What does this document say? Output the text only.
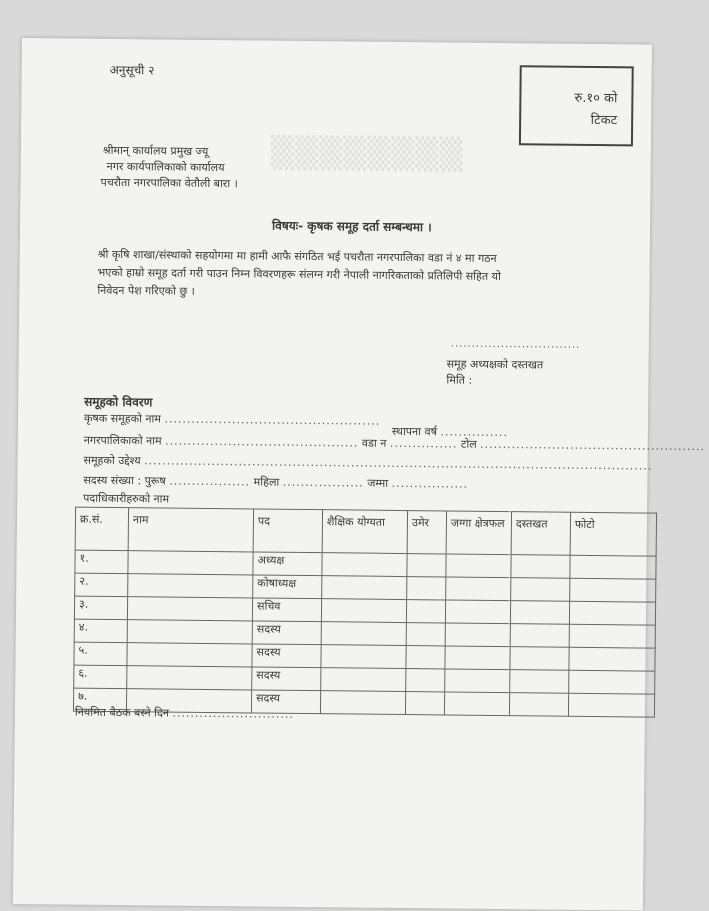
▒▒▒▒▒▒▒▒
अनुसूची २
रु.१० को
टिकट
श्रीमान् कार्यालय प्रमुख ज्यू
नगर कार्यपालिकाको कार्यालय
पचरौता नगरपालिका वेतौली बारा ।
विषयः- कृषक समूह दर्ता सम्बन्धमा ।
श्री कृषि शाखा/संस्थाको सहयोगमा मा हामी आफै संगठित भई पचरौता नगरपालिका वडा नं ४ मा गठन
भएको हाम्रो समूह दर्ता गरी पाउन निम्न विवरणहरू संलग्न गरी नेपाली नागरिकताको प्रतिलिपी सहित यो
निवेदन पेश गरिएको छु ।
...............................
समूह अध्यक्षको दस्तखत
मिति :
समूहको विवरण
कृषक समूहको नाम ................................................
स्थापना वर्ष ...............
नगरपालिकाको नाम ........................................... वडा न ............... टोल ..................................................
समूहको उद्देश्य .................................................................................................................
सदस्य संख्या : पुरूष .................. महिला .................. जम्मा .................
पदाधिकारीहरुको नाम
क्र.सं.	नाम	पद	शैक्षिक योग्यता	उमेर	जग्गा क्षेत्रफल	दस्तखत	फोटो
१.		अध्यक्ष					
२.		कोषाध्यक्ष					
३.		सचिव					
४.		सदस्य					
५.		सदस्य					
६.		सदस्य					
७.		सदस्य					
नियमित बैठक बस्ने दिन ...........................
